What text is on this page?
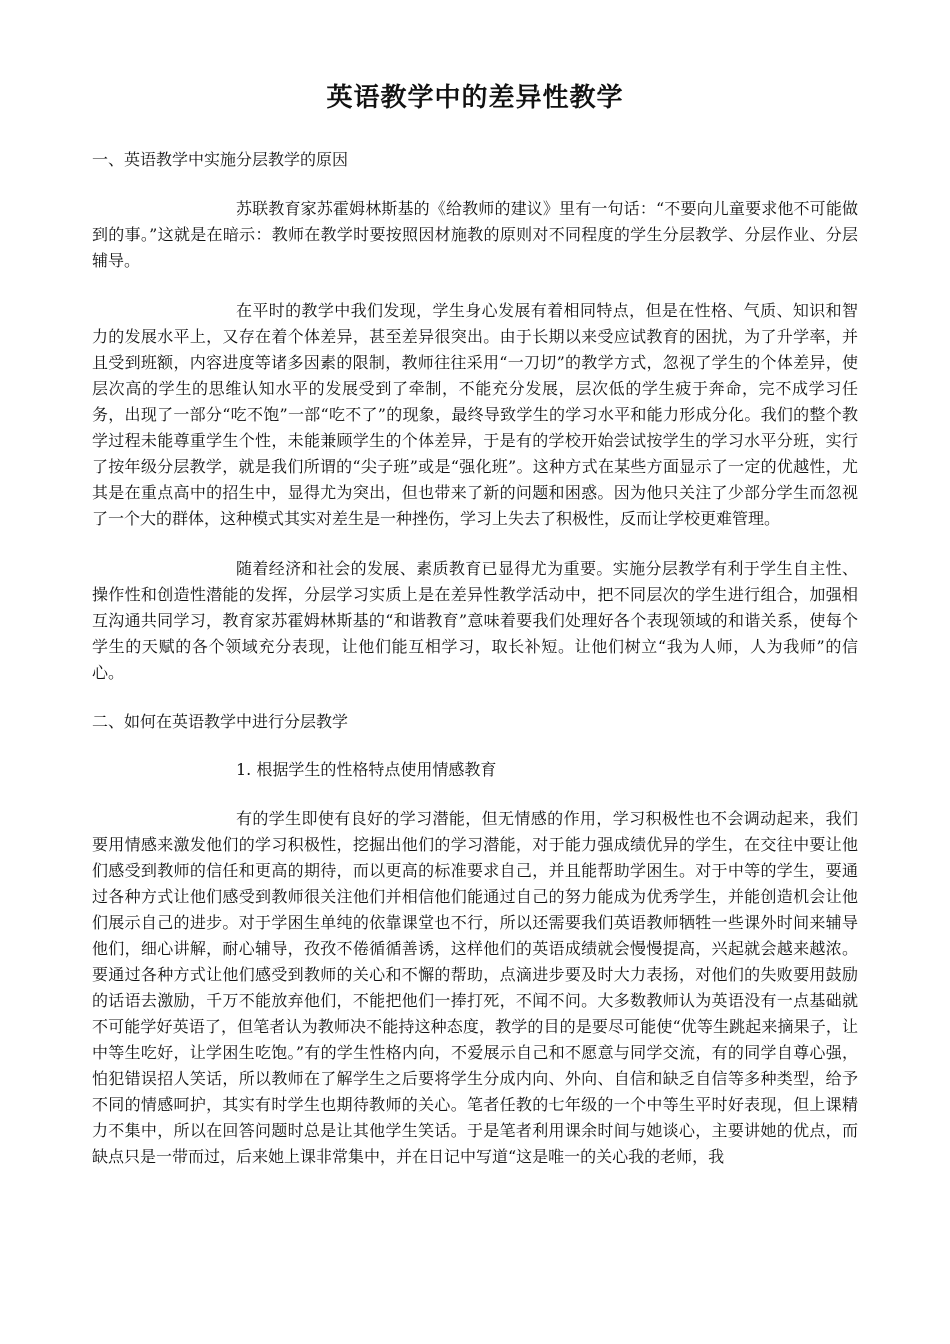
英语教学中的差异性教学

一、英语教学中实施分层教学的原因

苏联教育家苏霍姆林斯基的《给教师的建议》里有一句话：“不要向儿童要求他不可能做到的事。”这就是在暗示：教师在教学时要按照因材施教的原则对不同程度的学生分层教学、分层作业、分层辅导。

在平时的教学中我们发现，学生身心发展有着相同特点，但是在性格、气质、知识和智力的发展水平上，又存在着个体差异，甚至差异很突出。由于长期以来受应试教育的困扰，为了升学率，并且受到班额，内容进度等诸多因素的限制，教师往往采用“一刀切”的教学方式，忽视了学生的个体差异，使层次高的学生的思维认知水平的发展受到了牵制，不能充分发展，层次低的学生疲于奔命，完不成学习任务，出现了一部分“吃不饱”一部“吃不了”的现象，最终导致学生的学习水平和能力形成分化。我们的整个教学过程未能尊重学生个性，未能兼顾学生的个体差异，于是有的学校开始尝试按学生的学习水平分班，实行了按年级分层教学，就是我们所谓的“尖子班”或是“强化班”。这种方式在某些方面显示了一定的优越性，尤其是在重点高中的招生中，显得尤为突出，但也带来了新的问题和困惑。因为他只关注了少部分学生而忽视了一个大的群体，这种模式其实对差生是一种挫伤，学习上失去了积极性，反而让学校更难管理。

随着经济和社会的发展、素质教育已显得尤为重要。实施分层教学有利于学生自主性、操作性和创造性潜能的发挥，分层学习实质上是在差异性教学活动中，把不同层次的学生进行组合，加强相互沟通共同学习，教育家苏霍姆林斯基的“和谐教育”意味着要我们处理好各个表现领域的和谐关系，使每个学生的天赋的各个领域充分表现，让他们能互相学习，取长补短。让他们树立“我为人师，人为我师”的信心。

二、如何在英语教学中进行分层教学

1. 根据学生的性格特点使用情感教育

有的学生即使有良好的学习潜能，但无情感的作用，学习积极性也不会调动起来，我们要用情感来激发他们的学习积极性，挖掘出他们的学习潜能，对于能力强成绩优异的学生，在交往中要让他们感受到教师的信任和更高的期待，而以更高的标准要求自己，并且能帮助学困生。对于中等的学生，要通过各种方式让他们感受到教师很关注他们并相信他们能通过自己的努力能成为优秀学生，并能创造机会让他们展示自己的进步。对于学困生单纯的依靠课堂也不行，所以还需要我们英语教师牺牲一些课外时间来辅导他们，细心讲解，耐心辅导，孜孜不倦循循善诱，这样他们的英语成绩就会慢慢提高，兴起就会越来越浓。要通过各种方式让他们感受到教师的关心和不懈的帮助，点滴进步要及时大力表扬，对他们的失败要用鼓励的话语去激励，千万不能放弃他们，不能把他们一捧打死，不闻不问。大多数教师认为英语没有一点基础就不可能学好英语了，但笔者认为教师决不能持这种态度，教学的目的是要尽可能使“优等生跳起来摘果子，让中等生吃好，让学困生吃饱。”有的学生性格内向，不爱展示自己和不愿意与同学交流，有的同学自尊心强，怕犯错误招人笑话，所以教师在了解学生之后要将学生分成内向、外向、自信和缺乏自信等多种类型，给予不同的情感呵护，其实有时学生也期待教师的关心。笔者任教的七年级的一个中等生平时好表现，但上课精力不集中，所以在回答问题时总是让其他学生笑话。于是笔者利用课余时间与她谈心，主要讲她的优点，而缺点只是一带而过，后来她上课非常集中，并在日记中写道“这是唯一的关心我的老师，我
